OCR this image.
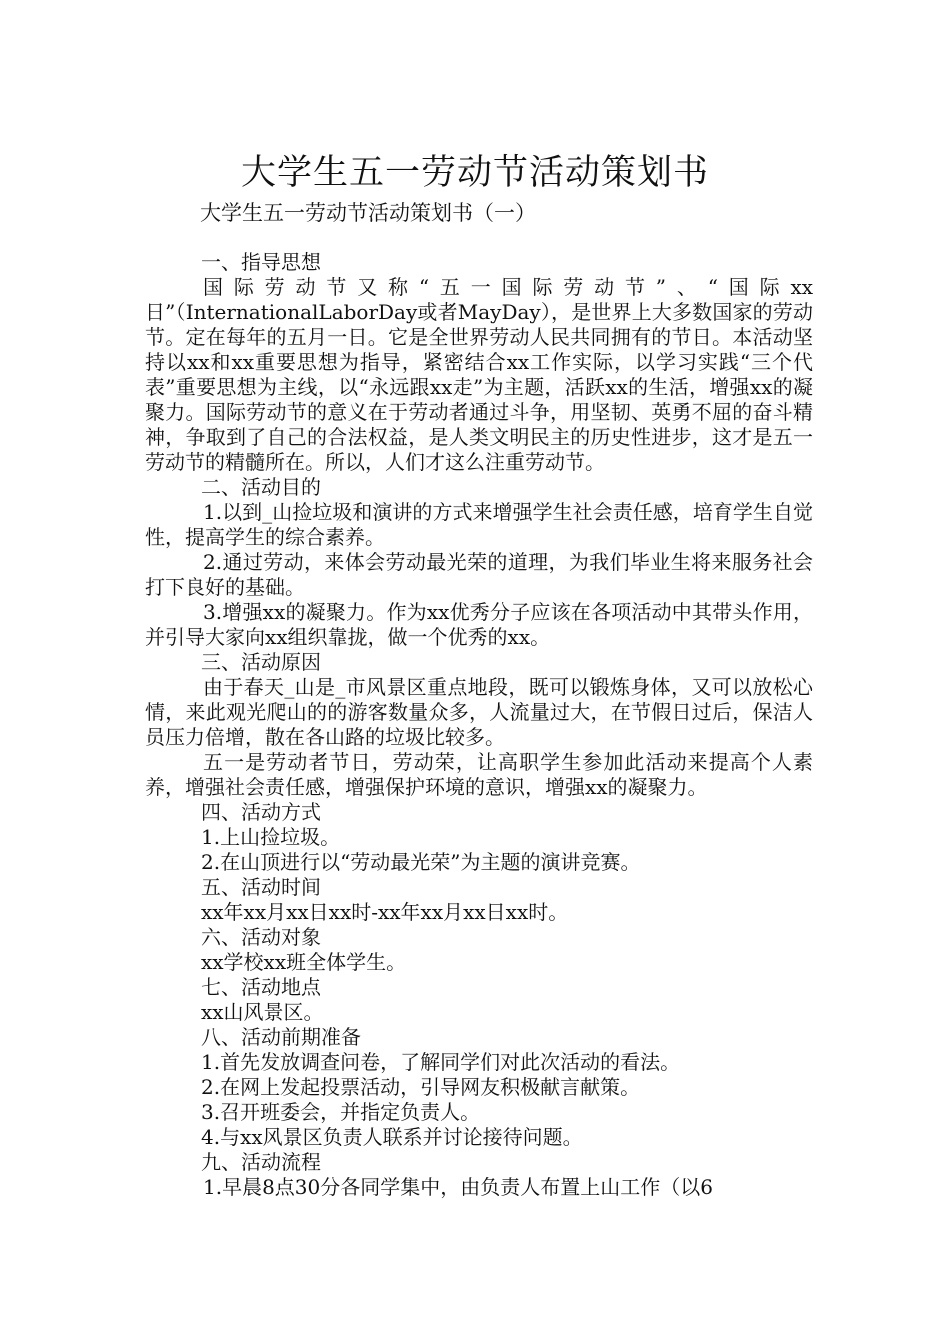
大学生五一劳动节活动策划书
大学生五一劳动节活动策划书（一）

一、指导思想

国际劳动节又称“五一国际劳动节”、“国际xx日”（InternationalLaborDay或者MayDay），是世界上大多数国家的劳动节。定在每年的五月一日。它是全世界劳动人民共同拥有的节日。本活动坚持以xx和xx重要思想为指导，紧密结合xx工作实际，以学习实践“三个代表”重要思想为主线，以“永远跟xx走”为主题，活跃xx的生活，增强xx的凝聚力。国际劳动节的意义在于劳动者通过斗争，用坚韧、英勇不屈的奋斗精神，争取到了自己的合法权益，是人类文明民主的历史性进步，这才是五一劳动节的精髓所在。所以，人们才这么注重劳动节。

二、活动目的

1.以到_山捡垃圾和演讲的方式来增强学生社会责任感，培育学生自觉性，提高学生的综合素养。

2.通过劳动，来体会劳动最光荣的道理，为我们毕业生将来服务社会打下良好的基础。

3.增强xx的凝聚力。作为xx优秀分子应该在各项活动中其带头作用，并引导大家向xx组织靠拢，做一个优秀的xx。

三、活动原因

由于春天_山是_市风景区重点地段，既可以锻炼身体，又可以放松心情，来此观光爬山的的游客数量众多，人流量过大，在节假日过后，保洁人员压力倍增，散在各山路的垃圾比较多。

五一是劳动者节日，劳动荣，让高职学生参加此活动来提高个人素养，增强社会责任感，增强保护环境的意识，增强xx的凝聚力。

四、活动方式

1.上山捡垃圾。

2.在山顶进行以“劳动最光荣”为主题的演讲竞赛。

五、活动时间

xx年xx月xx日xx时-xx年xx月xx日xx时。

六、活动对象

xx学校xx班全体学生。

七、活动地点

xx山风景区。

八、活动前期准备

1.首先发放调查问卷，了解同学们对此次活动的看法。

2.在网上发起投票活动，引导网友积极献言献策。

3.召开班委会，并指定负责人。

4.与xx风景区负责人联系并讨论接待问题。

九、活动流程

1.早晨8点30分各同学集中，由负责人布置上山工作（以6
